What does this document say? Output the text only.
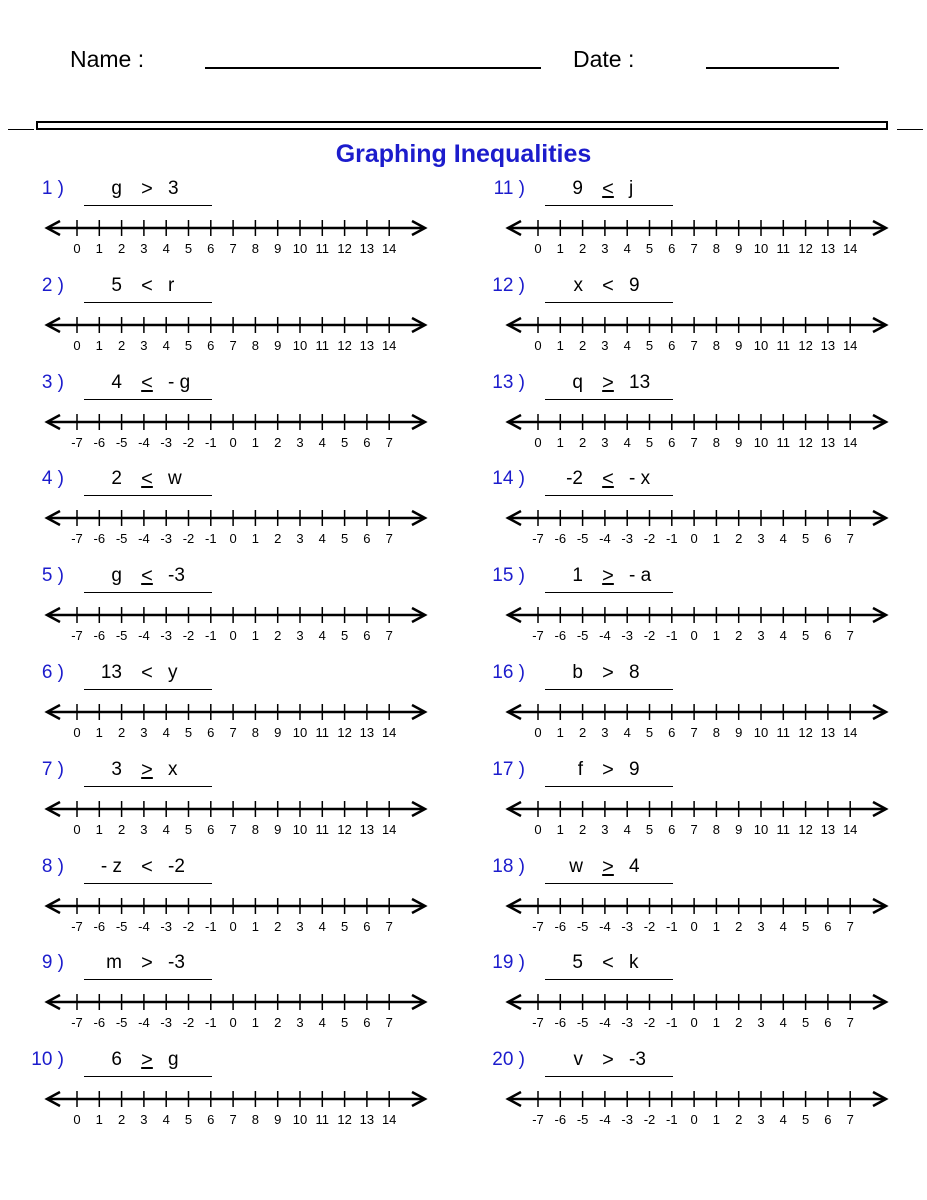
Name :	Date :
Graphing Inequalities
1 ) g > 3
0 1 2 3 4 5 6 7 8 9 10 11 12 13 14
2 ) 5 < r
0 1 2 3 4 5 6 7 8 9 10 11 12 13 14
3 ) 4 < - g
-7 -6 -5 -4 -3 -2 -1 0 1 2 3 4 5 6 7
4 ) 2 < w
-7 -6 -5 -4 -3 -2 -1 0 1 2 3 4 5 6 7
5 ) g < -3
-7 -6 -5 -4 -3 -2 -1 0 1 2 3 4 5 6 7
6 ) 13 < y
0 1 2 3 4 5 6 7 8 9 10 11 12 13 14
7 ) 3 > x
0 1 2 3 4 5 6 7 8 9 10 11 12 13 14
8 ) - z < -2
-7 -6 -5 -4 -3 -2 -1 0 1 2 3 4 5 6 7
9 ) m > -3
-7 -6 -5 -4 -3 -2 -1 0 1 2 3 4 5 6 7
10 ) 6 > g
0 1 2 3 4 5 6 7 8 9 10 11 12 13 14
11 ) 9 < j
0 1 2 3 4 5 6 7 8 9 10 11 12 13 14
12 )	x < 9
0 1 2 3 4 5 6 7 8 9 10 11 12 13 14
13 ) q > 13
0 1 2 3 4 5 6 7 8 9 10 11 12 13 14
14 ) -2 < - x
-7 -6 -5 -4 -3 -2 -1 0 1 2 3 4 5 6 7
15 ) 1 > - a
-7 -6 -5 -4 -3 -2 -1 0 1 2 3 4 5 6 7
16 ) b > 8
0 1 2 3 4 5 6 7 8 9 10 11 12 13 14
17 )	f > 9
0 1 2 3 4 5 6 7 8 9 10 11 12 13 14
18 ) w > 4
-7 -6 -5 -4 -3 -2 -1 0 1 2 3 4 5 6 7
19 ) 5 < k
-7 -6 -5 -4 -3 -2 -1 0 1 2 3 4 5 6 7
20 )	v > -3
-7 -6 -5 -4 -3 -2 -1 0 1 2 3 4 5 6 7
